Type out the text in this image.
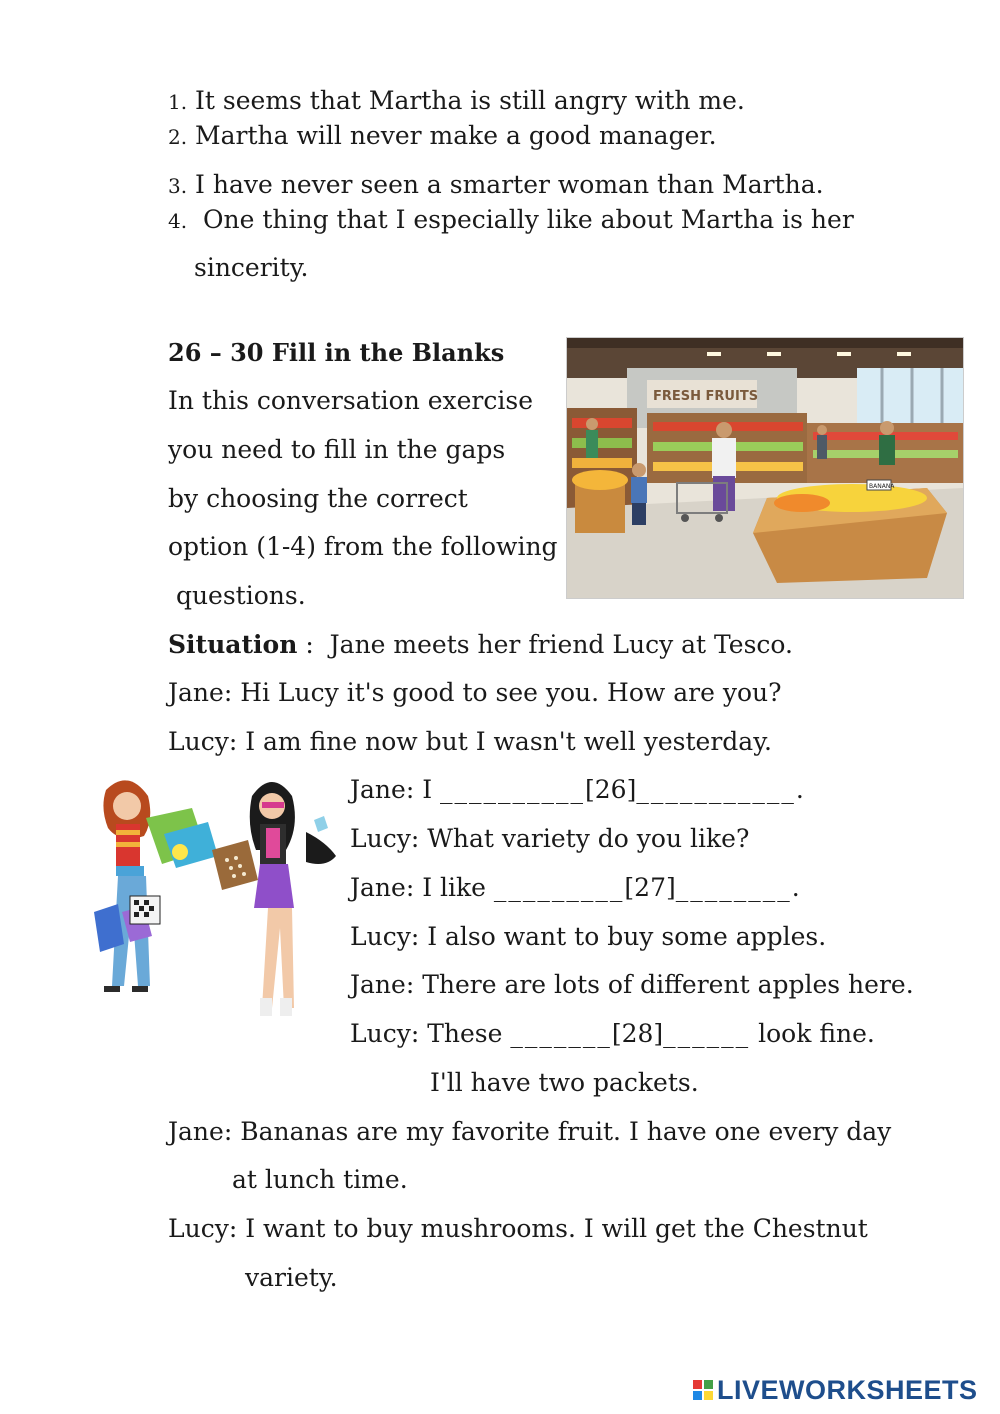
1. It seems that Martha is still angry with me.
2. Martha will never make a good manager.
3. I have never seen a smarter woman than Martha.
4.  One thing that I especially like about Martha is her
sincerity.
26 – 30 Fill in the Blanks
In this conversation exercise
you need to fill in the gaps
by choosing the correct
option (1-4) from the following
questions.
FRESH FRUITS
BANANA
Situation :  Jane meets her friend Lucy at Tesco.
Jane: Hi Lucy it's good to see you. How are you?
Lucy: I am fine now but I wasn't well yesterday.
Jane: I __________[26]___________.
Lucy: What variety do you like?
Jane: I like _________[27]________.
Lucy: I also want to buy some apples.
Jane: There are lots of different apples here.
Lucy: These _______[28]______ look fine.
I'll have two packets.
Jane: Bananas are my favorite fruit. I have one every day
at lunch time.
Lucy: I want to buy mushrooms. I will get the Chestnut
variety.
LIVEWORKSHEETS
